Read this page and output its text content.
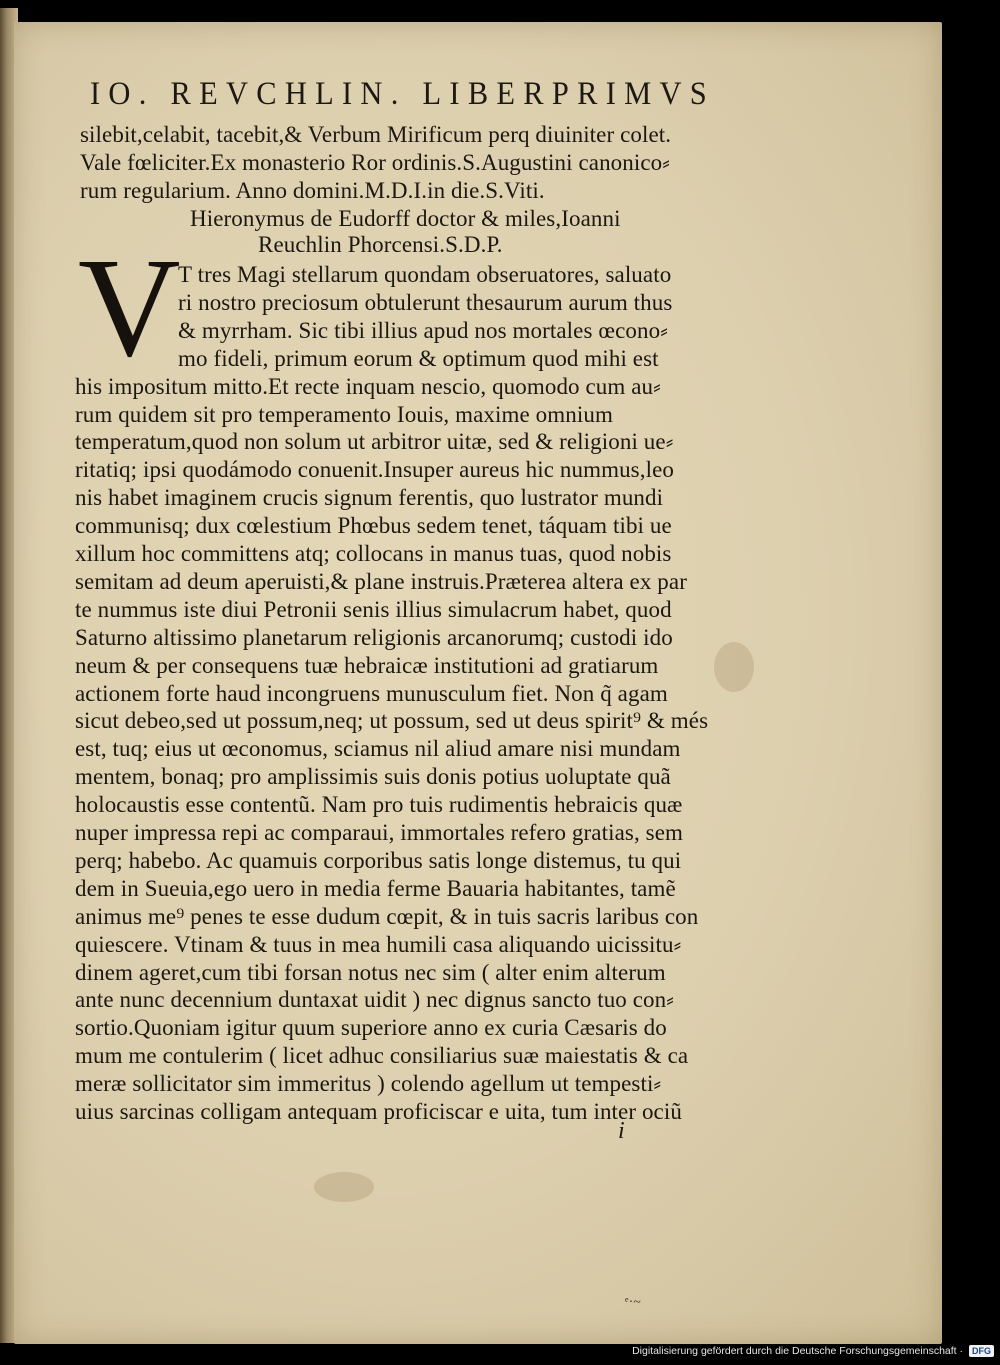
IO. REVCHLIN. LIBERPRIMVS
silebit,celabit, tacebit,& Verbum Mirificum perq diuiniter colet.
Vale fœliciter.Ex monasterio Ror ordinis.S.Augustini canonico⸗
rum regularium. Anno domini.M.D.I.in die.S.Viti.
Hieronymus de Eudorff doctor & miles,Ioanni
Reuchlin Phorcensi.S.D.P.
V
T tres Magi stellarum quondam obseruatores, saluato
ri nostro preciosum obtulerunt thesaurum aurum thus
& myrrham. Sic tibi illius apud nos mortales œcono⸗
mo fideli, primum eorum & optimum quod mihi est
his impositum mitto.Et recte inquam nescio, quomodo cum au⸗
rum quidem sit pro temperamento Iouis, maxime omnium
temperatum,quod non solum ut arbitror uitæ, sed & religioni ue⸗
ritatiq; ipsi quodámodo conuenit.Insuper aureus hic nummus,leo
nis habet imaginem crucis signum ferentis, quo lustrator mundi
communisq; dux cœlestium Phœbus sedem tenet, táquam tibi ue
xillum hoc committens atq; collocans in manus tuas, quod nobis
semitam ad deum aperuisti,& plane instruis.Præterea altera ex par
te nummus iste diui Petronii senis illius simulacrum habet, quod
Saturno altissimo planetarum religionis arcanorumq; custodi ido
neum & per consequens tuæ hebraicæ institutioni ad gratiarum
actionem forte haud incongruens munusculum fiet. Non q̃ agam
sicut debeo,sed ut possum,neq; ut possum, sed ut deus spirit⁹ & més
est, tuq; eius ut œconomus, sciamus nil aliud amare nisi mundam
mentem, bonaq; pro amplissimis suis donis potius uoluptate quã
holocaustis esse contentũ. Nam pro tuis rudimentis hebraicis quæ
nuper impressa repi ac comparaui, immortales refero gratias, sem
perq; habebo. Ac quamuis corporibus satis longe distemus, tu qui
dem in Sueuia,ego uero in media ferme Bauaria habitantes, tamẽ
animus me⁹ penes te esse dudum cœpit, & in tuis sacris laribus con
quiescere. Vtinam & tuus in mea humili casa aliquando uicissitu⸗
dinem ageret,cum tibi forsan notus nec sim ( alter enim alterum
ante nunc decennium duntaxat uidit ) nec dignus sancto tuo con⸗
sortio.Quoniam igitur quum superiore anno ex curia Cæsaris do
mum me contulerim ( licet adhuc consiliarius suæ maiestatis & ca
meræ sollicitator sim immeritus ) colendo agellum ut tempesti⸗
uius sarcinas colligam antequam proficiscar e uita, tum inter ociũ
i
ᵉ·~
Digitalisierung gefördert durch die Deutsche Forschungsgemeinschaft ·	DFG
